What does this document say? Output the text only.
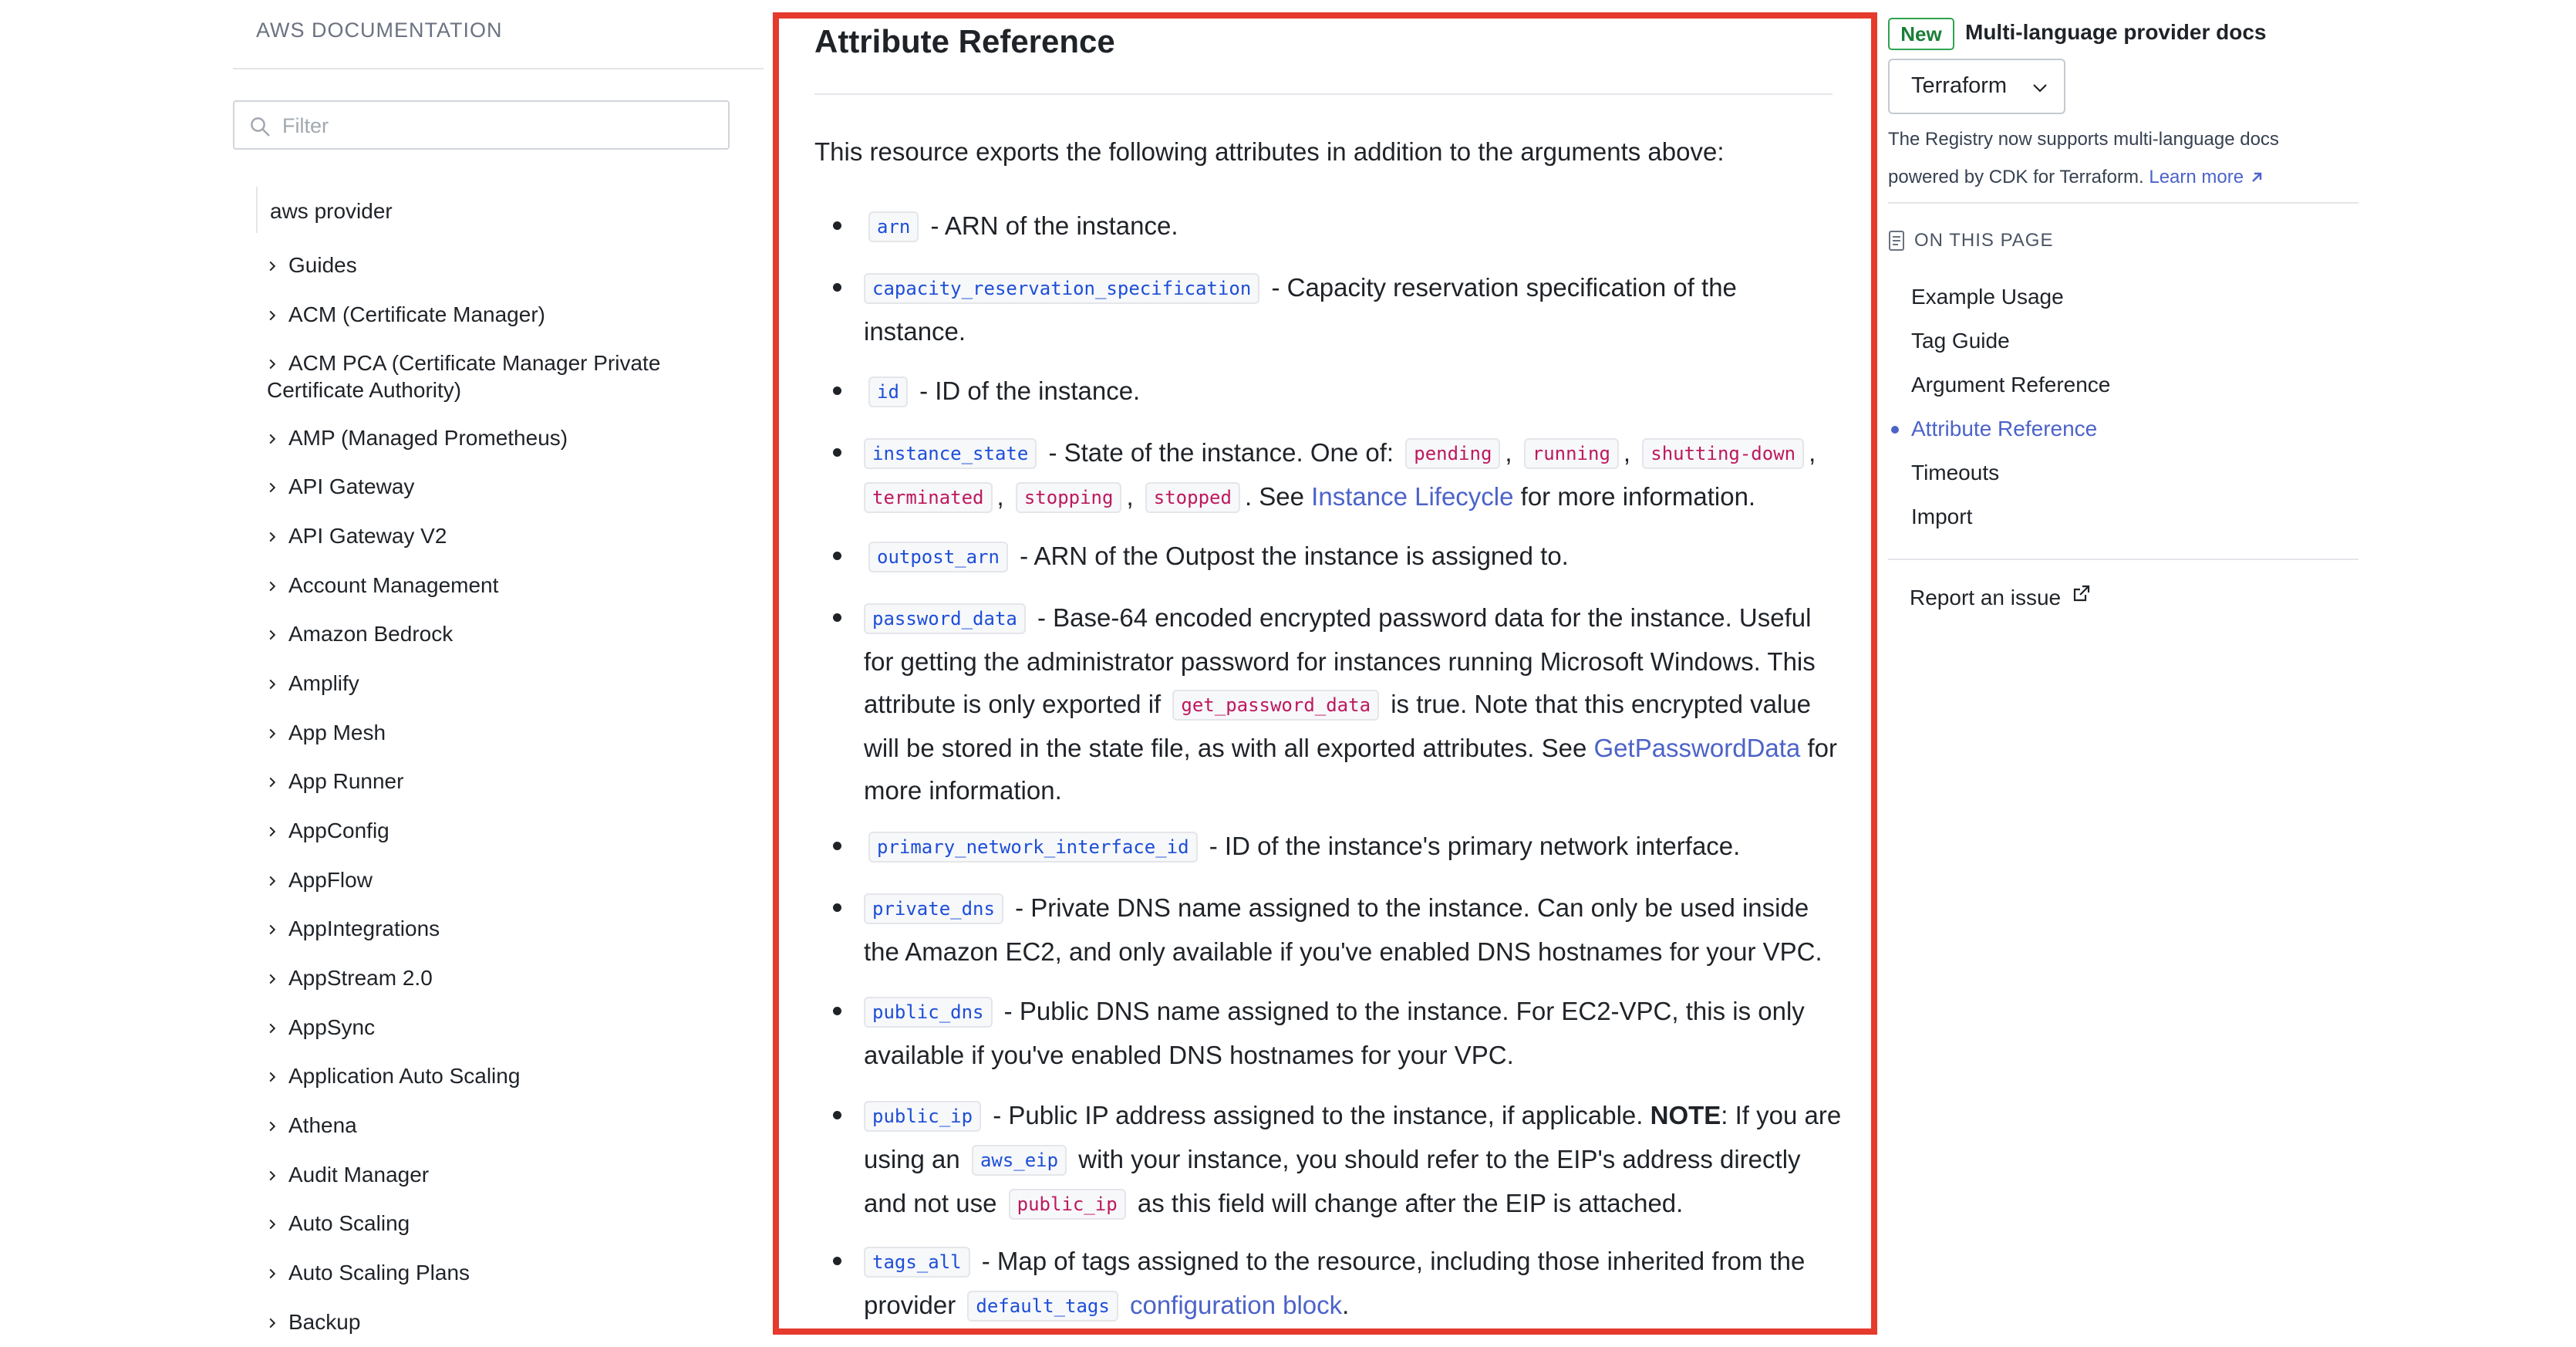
AWS DOCUMENTATION
Filter
aws provider
Guides
ACM (Certificate Manager)
ACM PCA (Certificate Manager Private
Certificate Authority)
AMP (Managed Prometheus)
API Gateway
API Gateway V2
Account Management
Amazon Bedrock
Amplify
App Mesh
App Runner
AppConfig
AppFlow
AppIntegrations
AppStream 2.0
AppSync
Application Auto Scaling
Athena
Audit Manager
Auto Scaling
Auto Scaling Plans
Backup
Attribute Reference
This resource exports the following attributes in addition to the arguments above:
arn - ARN of the instance.
capacity_reservation_specification - Capacity reservation specification of the
instance.
id - ID of the instance.
instance_state - State of the instance. One of: pending , running , shutting-down ,
terminated , stopping , stopped . See Instance Lifecycle for more information.
outpost_arn - ARN of the Outpost the instance is assigned to.
password_data - Base-64 encoded encrypted password data for the instance. Useful
for getting the administrator password for instances running Microsoft Windows. This
attribute is only exported if get_password_data is true. Note that this encrypted value
will be stored in the state file, as with all exported attributes. See GetPasswordData for
more information.
primary_network_interface_id - ID of the instance's primary network interface.
private_dns - Private DNS name assigned to the instance. Can only be used inside
the Amazon EC2, and only available if you've enabled DNS hostnames for your VPC.
public_dns - Public DNS name assigned to the instance. For EC2-VPC, this is only
available if you've enabled DNS hostnames for your VPC.
public_ip - Public IP address assigned to the instance, if applicable. NOTE: If you are
using an aws_eip with your instance, you should refer to the EIP's address directly
and not use public_ip as this field will change after the EIP is attached.
tags_all - Map of tags assigned to the resource, including those inherited from the
provider default_tags configuration block.
New	Multi-language provider docs
Terraform
The Registry now supports multi-language docs
powered by CDK for Terraform. Learn more
ON THIS PAGE
Example Usage
Tag Guide
Argument Reference
Attribute Reference
Timeouts
Import
Report an issue
